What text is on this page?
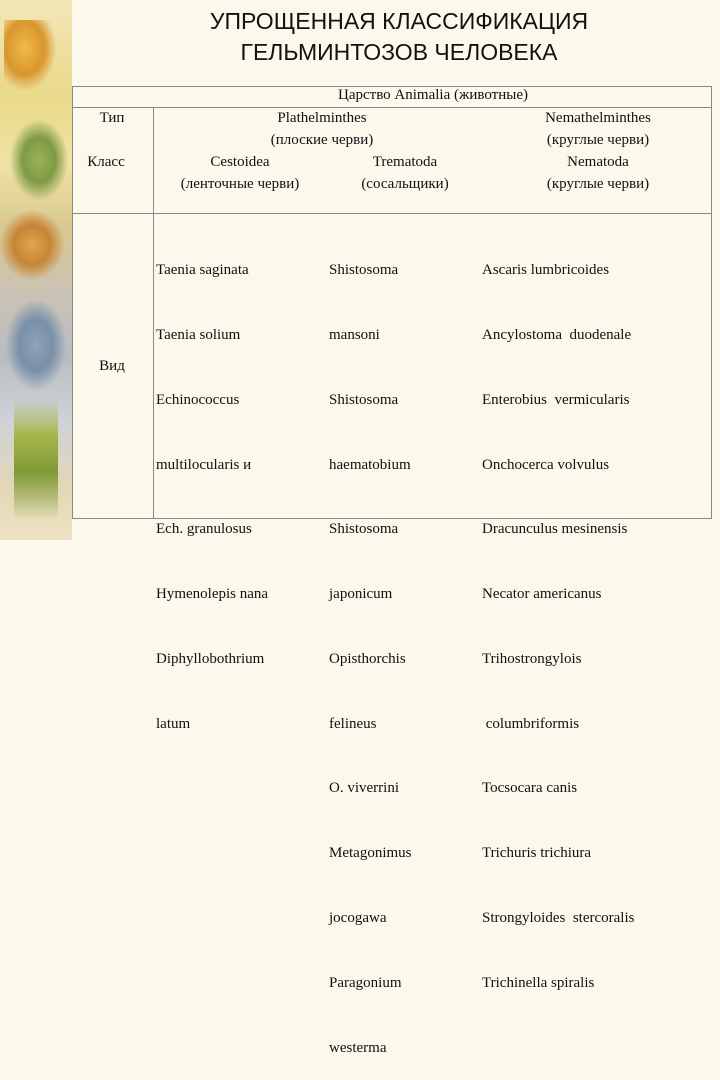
УПРОЩЕННАЯ КЛАССИФИКАЦИЯ
ГЕЛЬМИНТОЗОВ ЧЕЛОВЕКА
Царство Animalia (животные)
Тип
Класс
Вид
Plathelminthes
(плоские черви)
Nemathelminthes
(круглые черви)
Cestoidea
(ленточные черви)
Trematoda
(сосальщики)
Nematoda
(круглые черви)

Taenia saginata

Taenia solium

Echinococcus

multilocularis и

Ech. granulosus

Hymenolepis nana

Diphyllobothrium

latum

Shistosoma

mansoni

Shistosoma

haematobium

Shistosoma

japonicum

Opisthorchis

felineus

O. viverrini

Metagonimus

jocogawa

Paragonium

westerma

Ascaris lumbricoides

Ancylostoma  duodenale

Enterobius  vermicularis

Onchocerca volvulus

Dracunculus mesinensis

Necator americanus

Trihostrongylois

columbriformis

Tocsocara canis

Trichuris trichiura

Strongyloides  stercoralis

Trichinella spiralis
